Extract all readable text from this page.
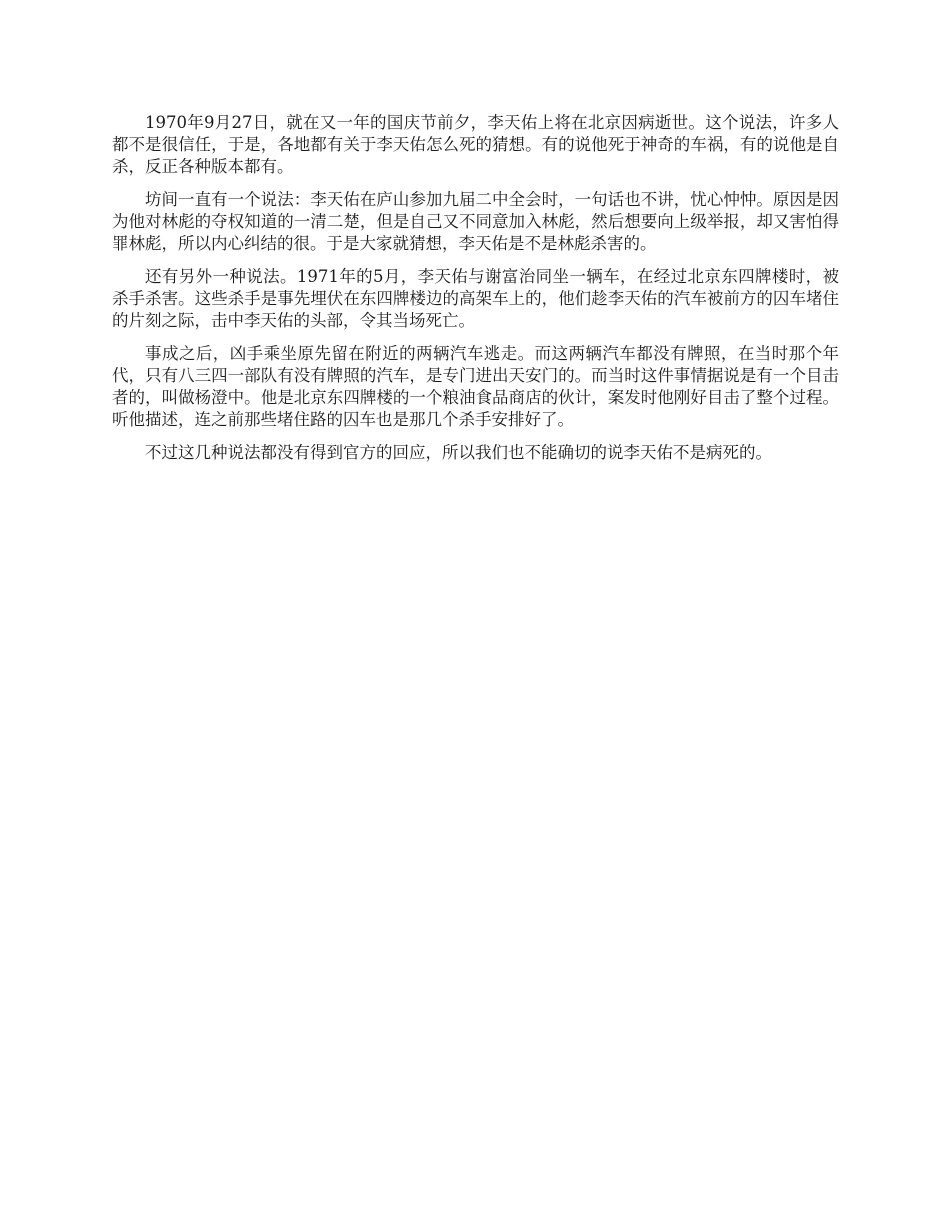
1970年9月27日，就在又一年的国庆节前夕，李天佑上将在北京因病逝世。这个说法，许多人都不是很信任，于是，各地都有关于李天佑怎么死的猜想。有的说他死于神奇的车祸，有的说他是自杀，反正各种版本都有。

坊间一直有一个说法：李天佑在庐山参加九届二中全会时，一句话也不讲，忧心忡忡。原因是因为他对林彪的夺权知道的一清二楚，但是自己又不同意加入林彪，然后想要向上级举报，却又害怕得罪林彪，所以内心纠结的很。于是大家就猜想，李天佑是不是林彪杀害的。

还有另外一种说法。1971年的5月，李天佑与谢富治同坐一辆车，在经过北京东四牌楼时，被杀手杀害。这些杀手是事先埋伏在东四牌楼边的高架车上的，他们趁李天佑的汽车被前方的囚车堵住的片刻之际，击中李天佑的头部，令其当场死亡。

事成之后，凶手乘坐原先留在附近的两辆汽车逃走。而这两辆汽车都没有牌照，在当时那个年代，只有八三四一部队有没有牌照的汽车，是专门进出天安门的。而当时这件事情据说是有一个目击者的，叫做杨澄中。他是北京东四牌楼的一个粮油食品商店的伙计，案发时他刚好目击了整个过程。听他描述，连之前那些堵住路的囚车也是那几个杀手安排好了。

不过这几种说法都没有得到官方的回应，所以我们也不能确切的说李天佑不是病死的。
